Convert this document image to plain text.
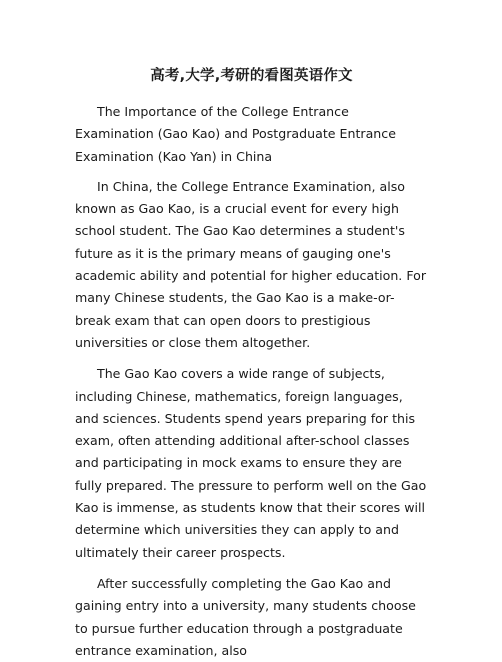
高考,大学,考研的看图英语作文

The Importance of the College Entrance Examination (Gao Kao) and Postgraduate Entrance Examination (Kao Yan) in China

In China, the College Entrance Examination, also known as Gao Kao, is a crucial event for every high school student. The Gao Kao determines a student's future as it is the primary means of gauging one's academic ability and potential for higher education. For many Chinese students, the Gao Kao is a make-or-break exam that can open doors to prestigious universities or close them altogether.

The Gao Kao covers a wide range of subjects, including Chinese, mathematics, foreign languages, and sciences. Students spend years preparing for this exam, often attending additional after-school classes and participating in mock exams to ensure they are fully prepared. The pressure to perform well on the Gao Kao is immense, as students know that their scores will determine which universities they can apply to and ultimately their career prospects.

After successfully completing the Gao Kao and gaining entry into a university, many students choose to pursue further education through a postgraduate entrance examination, also
